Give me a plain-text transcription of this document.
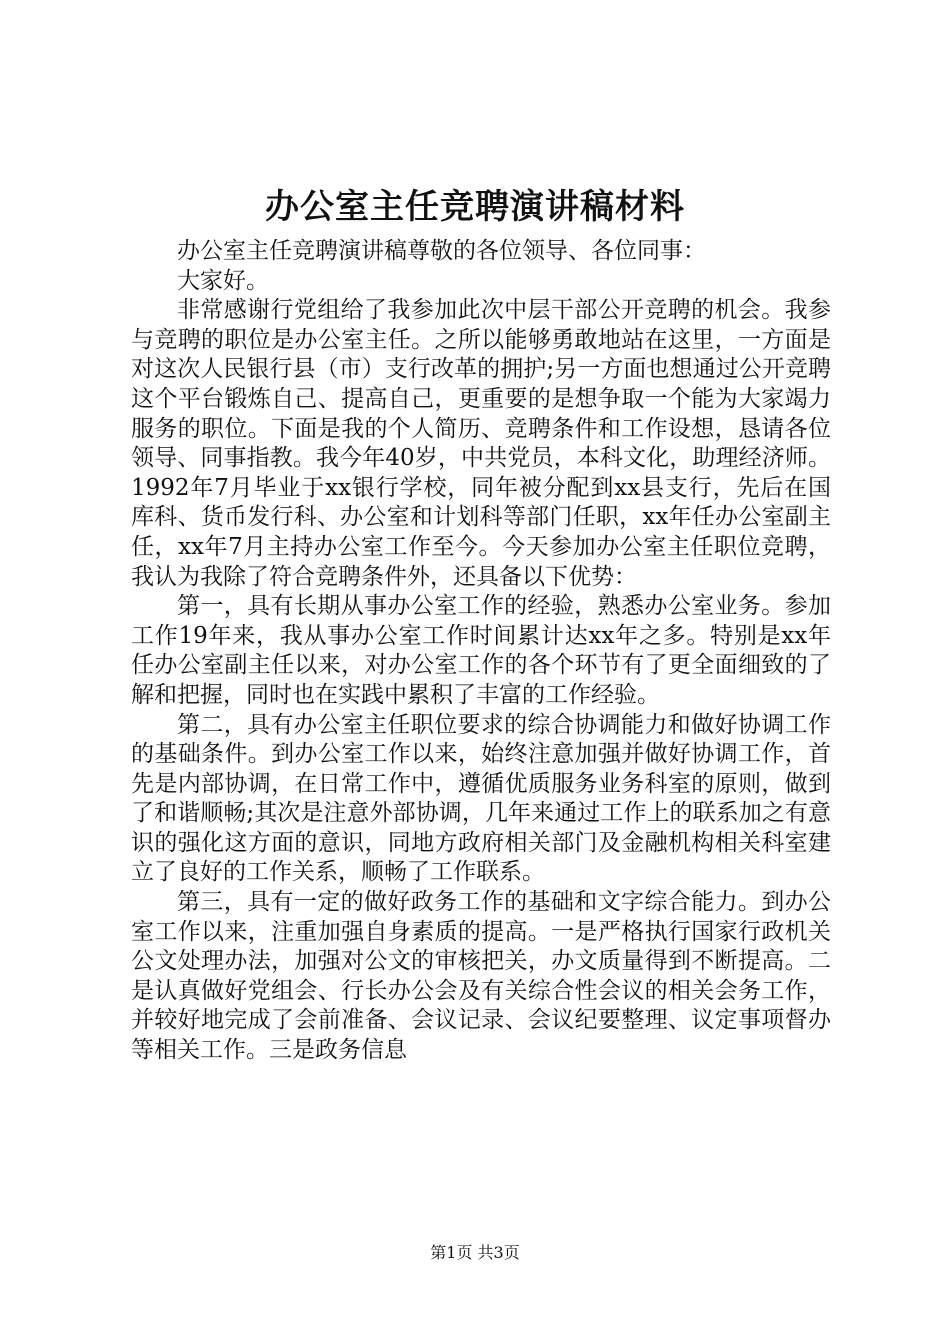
办公室主任竞聘演讲稿材料

办公室主任竞聘演讲稿尊敬的各位领导、各位同事：

大家好。

非常感谢行党组给了我参加此次中层干部公开竞聘的机会。我参与竞聘的职位是办公室主任。之所以能够勇敢地站在这里，一方面是对这次人民银行县（市）支行改革的拥护;另一方面也想通过公开竞聘这个平台锻炼自己、提高自己，更重要的是想争取一个能为大家竭力服务的职位。下面是我的个人简历、竞聘条件和工作设想，恳请各位领导、同事指教。我今年40岁，中共党员，本科文化，助理经济师。1992年7月毕业于xx银行学校，同年被分配到xx县支行，先后在国库科、货币发行科、办公室和计划科等部门任职，xx年任办公室副主任，xx年7月主持办公室工作至今。今天参加办公室主任职位竞聘，我认为我除了符合竞聘条件外，还具备以下优势：

第一，具有长期从事办公室工作的经验，熟悉办公室业务。参加工作19年来，我从事办公室工作时间累计达xx年之多。特别是xx年任办公室副主任以来，对办公室工作的各个环节有了更全面细致的了解和把握，同时也在实践中累积了丰富的工作经验。

第二，具有办公室主任职位要求的综合协调能力和做好协调工作的基础条件。到办公室工作以来，始终注意加强并做好协调工作，首先是内部协调，在日常工作中，遵循优质服务业务科室的原则，做到了和谐顺畅;其次是注意外部协调，几年来通过工作上的联系加之有意识的强化这方面的意识，同地方政府相关部门及金融机构相关科室建立了良好的工作关系，顺畅了工作联系。

第三，具有一定的做好政务工作的基础和文字综合能力。到办公室工作以来，注重加强自身素质的提高。一是严格执行国家行政机关公文处理办法，加强对公文的审核把关，办文质量得到不断提高。二是认真做好党组会、行长办公会及有关综合性会议的相关会务工作，并较好地完成了会前准备、会议记录、会议纪要整理、议定事项督办等相关工作。三是政务信息

第1页 共3页
